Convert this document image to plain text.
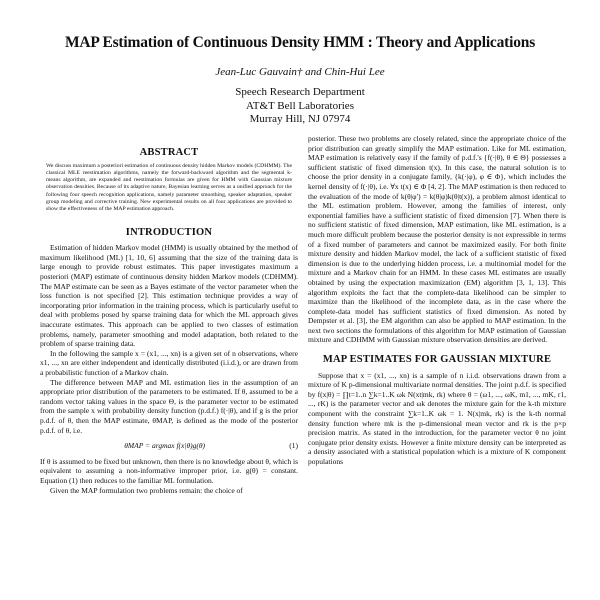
MAP Estimation of Continuous Density HMM : Theory and Applications
Jean-Luc Gauvain† and Chin-Hui Lee
Speech Research Department
AT&T Bell Laboratories
Murray Hill, NJ 07974
ABSTRACT
We discuss maximum a posteriori estimation of continuous density hidden Markov models (CDHMM). The classical MLE reestimation algorithms, namely the forward-backward algorithm and the segmental k-means algorithm, are expanded and reestimation formulas are given for HMM with Gaussian mixture observation densities. Because of its adaptive nature, Bayesian learning serves as a unified approach for the following four speech recognition applications, namely parameter smoothing, speaker adaptation, speaker group modeling and corrective training. New experimental results on all four applications are provided to show the effectiveness of the MAP estimation approach.
INTRODUCTION

Estimation of hidden Markov model (HMM) is usually obtained by the method of maximum likelihood (ML) [1, 10, 6] assuming that the size of the training data is large enough to provide robust estimates. This paper investigates maximum a posteriori (MAP) estimate of continuous density hidden Markov models (CDHMM). The MAP estimate can be seen as a Bayes estimate of the vector parameter when the loss function is not specified [2]. This estimation technique provides a way of incorporating prior information in the training process, which is particularly useful to deal with problems posed by sparse training data for which the ML approach gives inaccurate estimates. This approach can be applied to two classes of estimation problems, namely, parameter smoothing and model adaptation, both related to the problem of sparse training data.

In the following the sample x = (x1, ..., xn) is a given set of n observations, where x1, ..., xn are either independent and identically distributed (i.i.d.), or are drawn from a probabilistic function of a Markov chain.

The difference between MAP and ML estimation lies in the assumption of an appropriate prior distribution of the parameters to be estimated. If θ, assumed to be a random vector taking values in the space Θ, is the parameter vector to be estimated from the sample x with probability density function (p.d.f.) f(·|θ), and if g is the prior p.d.f. of θ, then the MAP estimate, θMAP, is defined as the mode of the posterior p.d.f. of θ, i.e.

θMAP = argmax f(x|θ)g(θ)	(1)

If θ is assumed to be fixed but unknown, then there is no knowledge about θ, which is equivalent to assuming a non-informative improper prior, i.e. g(θ) = constant. Equation (1) then reduces to the familiar ML formulation.

Given the MAP formulation two problems remain: the choice of

posterior. These two problems are closely related, since the appropriate choice of the prior distribution can greatly simplify the MAP estimation. Like for ML estimation, MAP estimation is relatively easy if the family of p.d.f.'s {f(·|θ), θ ∈ Θ} possesses a sufficient statistic of fixed dimension t(x). In this case, the natural solution is to choose the prior density in a conjugate family, {k(·|φ), φ ∈ Φ}, which includes the kernel density of f(·|θ), i.e. ∀x t(x) ∈ Φ [4, 2]. The MAP estimation is then reduced to the evaluation of the mode of k(θ|φ′) = k(θ|φ)k(θ|t(x)), a problem almost identical to the ML estimation problem. However, among the families of interest, only exponential families have a sufficient statistic of fixed dimension [7]. When there is no sufficient statistic of fixed dimension, MAP estimation, like ML estimation, is a much more difficult problem because the posterior density is not expressible in terms of a fixed number of parameters and cannot be maximized easily. For both finite mixture density and hidden Markov model, the lack of a sufficient statistic of fixed dimension is due to the underlying hidden process, i.e. a multinomial model for the mixture and a Markov chain for an HMM. In these cases ML estimates are usually obtained by using the expectation maximization (EM) algorithm [3, 1, 13]. This algorithm exploits the fact that the complete-data likelihood can be simpler to maximize than the likelihood of the incomplete data, as in the case where the complete-data model has sufficient statistics of fixed dimension. As noted by Dempster et al. [3], the EM algorithm can also be applied to MAP estimation. In the next two sections the formulations of this algorithm for MAP estimation of Gaussian mixture and CDHMM with Gaussian mixture observation densities are derived.

MAP ESTIMATES FOR GAUSSIAN MIXTURE

Suppose that x = (x1, ..., xn) is a sample of n i.i.d. observations drawn from a mixture of K p-dimensional multivariate normal densities. The joint p.d.f. is specified by f(x|θ) = ∏t=1..n ∑k=1..K ωk N(xt|mk, rk) where θ = (ω1, ..., ωK, m1, ..., mK, r1, ..., rK) is the parameter vector and ωk denotes the mixture gain for the k-th mixture component with the constraint ∑k=1..K ωk = 1. N(x|mk, rk) is the k-th normal density function where mk is the p-dimensional mean vector and rk is the p×p precision matrix. As stated in the introduction, for the parameter vector θ no joint conjugate prior density exists. However a finite mixture density can be interpreted as a density associated with a statistical population which is a mixture of K component populations
